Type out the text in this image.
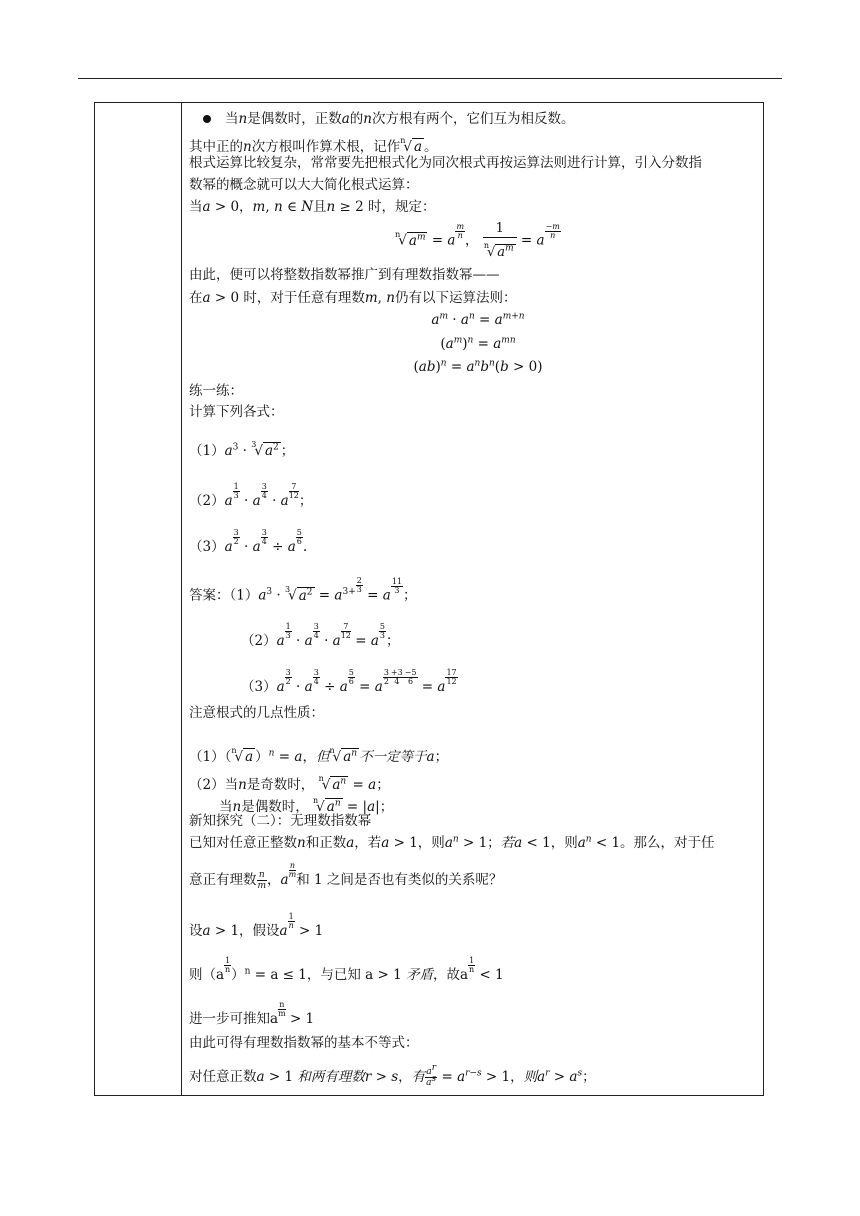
当n是偶数时，正数a的n次方根有两个，它们互为相反数。
其中正的n次方根叫作算术根，记作$^n$√ a 。
根式运算比较复杂，常常要先把根式化为同次根式再按运算法则进行计算，引入分数指
数幂的概念就可以大大简化根式运算：
当a > 0，m, n ∈ N且n ≥ 2 时，规定：
$^n$√ $a^m = a$
$\frac{m}{n}$
， $\frac{1}{^n√ a^m} = a$
$\frac{-m}{n}$
由此，便可以将整数指数幂推广到有理数指数幂——
在a > 0 时，对于任意有理数m, n仍有以下运算法则：
$a^m \cdot a^n = a^{m+n}$
$(a^m)^n = a^{mn}$
$(ab)^n = a^nb^n(b > 0)$
练一练：
计算下列各式：
$(1)a^3 \cdot ^3√$ $a^2$ ；
（2）a
$\frac{1}{3}$
· a
$\frac{3}{4}$
· a
$\frac{7}{12}$
；
（3）a
$\frac{3}{2}$
· a
$\frac{3}{4}$
÷ a
$\frac{5}{6}$
.
答案：$(1)a^3 \cdot ^3√$ $a^2 = a^{3+ \frac{2}{3}}$
= a
$\frac{11}{3}$
；
（2）a
$\frac{1}{3}$
· a
$\frac{3}{4}$
· a
$\frac{7}{12}$
= a
$\frac{5}{3}$
；
（3）a
$\frac{3}{2}$
· a
$\frac{3}{4}$
÷ a
$\frac{5}{6}$
= a
$\frac{3}{2} \frac{+3}{4} \frac{-5}{6}$
= a
$\frac{17}{12}$
注意根式的几点性质：
（1）（$^n$√ a ）$^n$ = a，但$^n$√ $a^n$ 不一定等于a；
（2）当n是奇数时， $^n$√ $a^n = a$；
当n是偶数时， $^n$√ $a^n = |a|$；
新知探究（二）：无理数指数幂
已知对任意正整数n和正数a，若a > 1，则$a^n > 1$；若a < 1，则$a^n < 1$。那么，对于任
意正有理数 $\frac{n}{m}$ ，a
$\frac{n}{m}$
和 1 之间是否也有类似的关系呢？
设a > 1，假设a
$\frac{1}{n}$
> 1
则（a
$\frac{1}{n}$
）$^n$ = a ≤ 1，与已知 a > 1 矛盾，故a
$\frac{1}{n}$
< 1
进一步可推知a
$\frac{n}{m}$
> 1
由此可得有理数指数幂的基本不等式：
对任意正数a > 1 和两有理数r > s，有 $\frac{a^r}{a^s} = a^{r-s} > 1$，则$a^r > a^s$；
